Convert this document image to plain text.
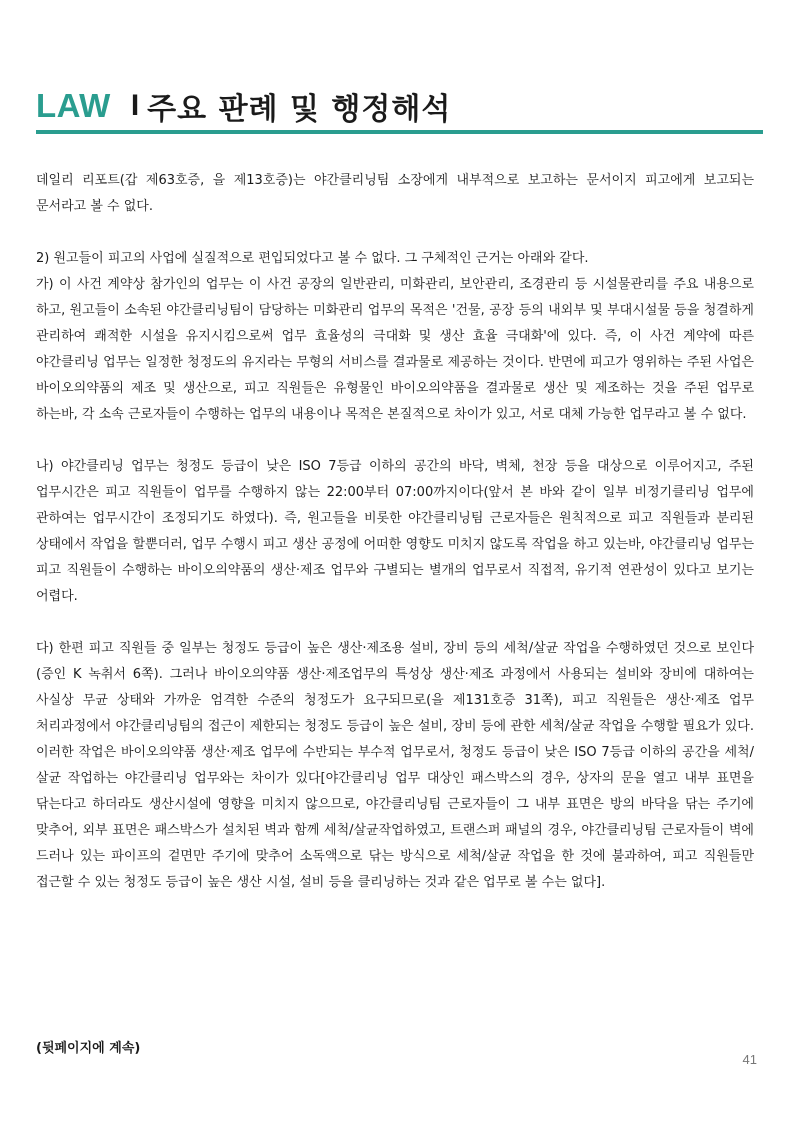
LAW I 주요 판례 및 행정해석

데일리 리포트(갑 제63호증, 을 제13호증)는 야간클리닝팀 소장에게 내부적으로 보고하는 문서이지 피고에게 보고되는 문서라고 볼 수 없다.

2) 원고들이 피고의 사업에 실질적으로 편입되었다고 볼 수 없다. 그 구체적인 근거는 아래와 같다.

가) 이 사건 계약상 참가인의 업무는 이 사건 공장의 일반관리, 미화관리, 보안관리, 조경관리 등 시설물관리를 주요 내용으로 하고, 원고들이 소속된 야간클리닝팀이 담당하는 미화관리 업무의 목적은 '건물, 공장 등의 내외부 및 부대시설물 등을 청결하게 관리하여 쾌적한 시설을 유지시킴으로써 업무 효율성의 극대화 및 생산 효율 극대화'에 있다. 즉, 이 사건 계약에 따른 야간클리닝 업무는 일정한 청정도의 유지라는 무형의 서비스를 결과물로 제공하는 것이다. 반면에 피고가 영위하는 주된 사업은 바이오의약품의 제조 및 생산으로, 피고 직원들은 유형물인 바이오의약품을 결과물로 생산 및 제조하는 것을 주된 업무로 하는바, 각 소속 근로자들이 수행하는 업무의 내용이나 목적은 본질적으로 차이가 있고, 서로 대체 가능한 업무라고 볼 수 없다.

나) 야간클리닝 업무는 청정도 등급이 낮은 ISO 7등급 이하의 공간의 바닥, 벽체, 천장 등을 대상으로 이루어지고, 주된 업무시간은 피고 직원들이 업무를 수행하지 않는 22:00부터 07:00까지이다(앞서 본 바와 같이 일부 비정기클리닝 업무에 관하여는 업무시간이 조정되기도 하였다). 즉, 원고들을 비롯한 야간클리닝팀 근로자들은 원칙적으로 피고 직원들과 분리된 상태에서 작업을 할뿐더러, 업무 수행시 피고 생산 공정에 어떠한 영향도 미치지 않도록 작업을 하고 있는바, 야간클리닝 업무는 피고 직원들이 수행하는 바이오의약품의 생산·제조 업무와 구별되는 별개의 업무로서 직접적, 유기적 연관성이 있다고 보기는 어렵다.

다) 한편 피고 직원들 중 일부는 청정도 등급이 높은 생산·제조용 설비, 장비 등의 세척/살균 작업을 수행하였던 것으로 보인다(증인 K 녹취서 6쪽). 그러나 바이오의약품 생산·제조업무의 특성상 생산·제조 과정에서 사용되는 설비와 장비에 대하여는 사실상 무균 상태와 가까운 엄격한 수준의 청정도가 요구되므로(을 제131호증 31쪽), 피고 직원들은 생산·제조 업무 처리과정에서 야간클리닝팀의 접근이 제한되는 청정도 등급이 높은 설비, 장비 등에 관한 세척/살균 작업을 수행할 필요가 있다. 이러한 작업은 바이오의약품 생산·제조 업무에 수반되는 부수적 업무로서, 청정도 등급이 낮은 ISO 7등급 이하의 공간을 세척/살균 작업하는 야간클리닝 업무와는 차이가 있다[야간클리닝 업무 대상인 패스박스의 경우, 상자의 문을 열고 내부 표면을 닦는다고 하더라도 생산시설에 영향을 미치지 않으므로, 야간클리닝팀 근로자들이 그 내부 표면은 방의 바닥을 닦는 주기에 맞추어, 외부 표면은 패스박스가 설치된 벽과 함께 세척/살균작업하였고, 트랜스퍼 패널의 경우, 야간클리닝팀 근로자들이 벽에 드러나 있는 파이프의 겉면만 주기에 맞추어 소독액으로 닦는 방식으로 세척/살균 작업을 한 것에 불과하여, 피고 직원들만 접근할 수 있는 청정도 등급이 높은 생산 시설, 설비 등을 클리닝하는 것과 같은 업무로 볼 수는 없다].

(뒷페이지에 계속)
41
